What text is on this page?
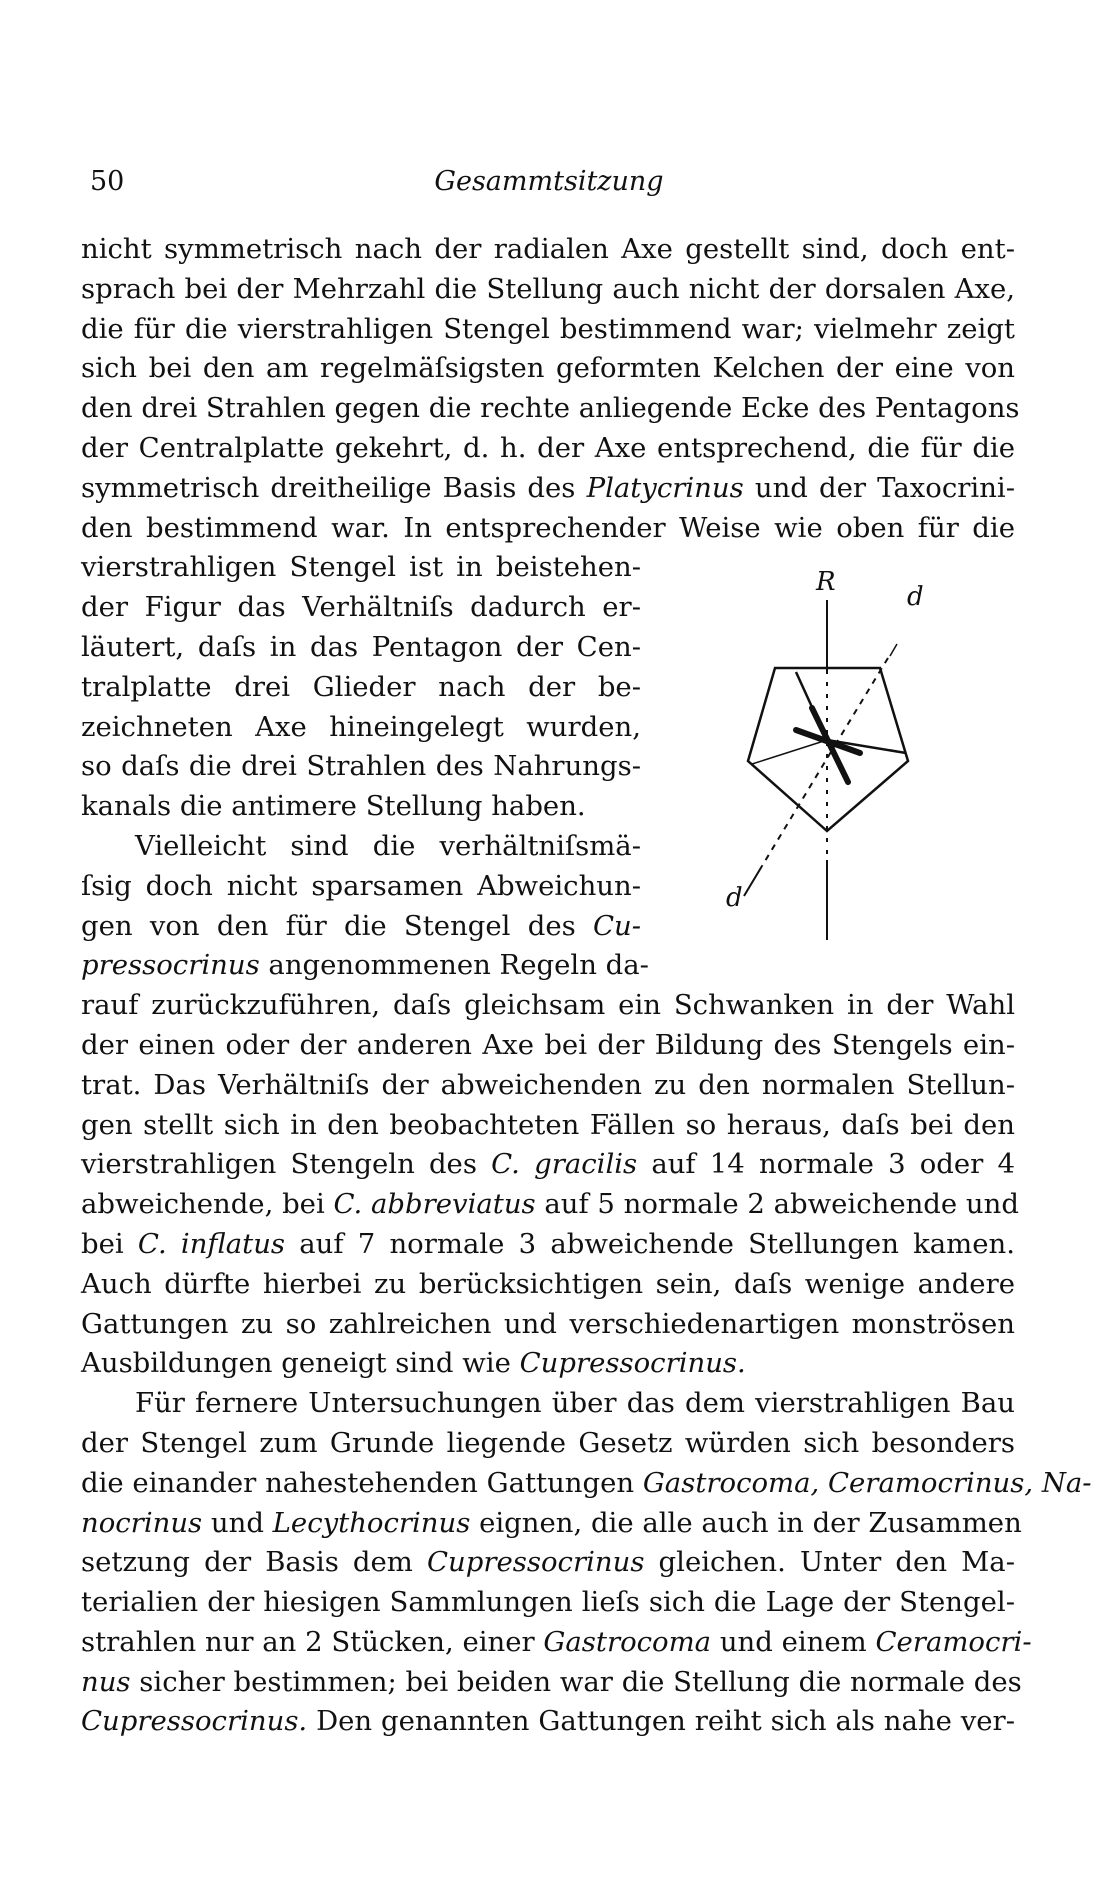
50	Gesammtsitzung
nicht symmetrisch nach der radialen Axe gestellt sind, doch ent-
sprach bei der Mehrzahl die Stellung auch nicht der dorsalen Axe,
die für die vierstrahligen Stengel bestimmend war; vielmehr zeigt
sich bei den am regelmäſsigsten geformten Kelchen der eine von
den drei Strahlen gegen die rechte anliegende Ecke des Pentagons
der Centralplatte gekehrt, d. h. der Axe entsprechend, die für die
symmetrisch dreitheilige Basis des Platycrinus und der Taxocrini-
den bestimmend war. In entsprechender Weise wie oben für die
vierstrahligen Stengel ist in beistehen-
der Figur das Verhältniſs dadurch er-
läutert, daſs in das Pentagon der Cen-
tralplatte drei Glieder nach der be-
zeichneten Axe hineingelegt wurden,
so daſs die drei Strahlen des Nahrungs-
kanals die antimere Stellung haben.
Vielleicht sind die verhältniſsmä-
ſsig doch nicht sparsamen Abweichun-
gen von den für die Stengel des Cu-
pressocrinus angenommenen Regeln da-
rauf zurückzuführen, daſs gleichsam ein Schwanken in der Wahl
der einen oder der anderen Axe bei der Bildung des Stengels ein-
trat. Das Verhältniſs der abweichenden zu den normalen Stellun-
gen stellt sich in den beobachteten Fällen so heraus, daſs bei den
vierstrahligen Stengeln des C. gracilis auf 14 normale 3 oder 4
abweichende, bei C. abbreviatus auf 5 normale 2 abweichende und
bei C. inflatus auf 7 normale 3 abweichende Stellungen kamen.
Auch dürfte hierbei zu berücksichtigen sein, daſs wenige andere
Gattungen zu so zahlreichen und verschiedenartigen monströsen
Ausbildungen geneigt sind wie Cupressocrinus.
Für fernere Untersuchungen über das dem vierstrahligen Bau
der Stengel zum Grunde liegende Gesetz würden sich besonders
die einander nahestehenden Gattungen Gastrocoma, Ceramocrinus, Na-
nocrinus und Lecythocrinus eignen, die alle auch in der Zusammen
setzung der Basis dem Cupressocrinus gleichen. Unter den Ma-
terialien der hiesigen Sammlungen lieſs sich die Lage der Stengel-
strahlen nur an 2 Stücken, einer Gastrocoma und einem Ceramocri-
nus sicher bestimmen; bei beiden war die Stellung die normale des
Cupressocrinus. Den genannten Gattungen reiht sich als nahe ver-
R	d
d
